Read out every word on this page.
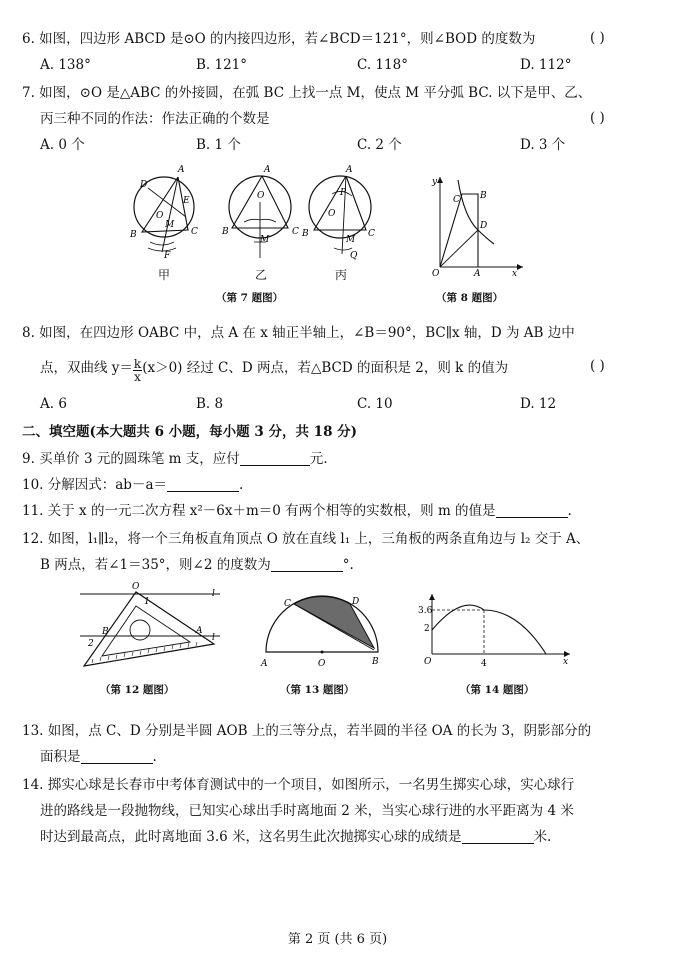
6. 如图，四边形 ABCD 是⊙O 的内接四边形，若∠BCD＝121°，则∠BOD 的度数为	( )
A. 138°	B. 121°	C. 118°	D. 112°
7. 如图，⊙O 是△ABC 的外接圆，在弧 BC 上找一点 M，使点 M 平分弧 BC. 以下是甲、乙、
丙三种不同的作法：作法正确的个数是	( )
A. 0 个	B. 1 个	C. 2 个	D. 3 个
A
B	C
D
E
M
O
F
甲
A
B	C
O
M
乙
A
B	C
P
O
M
Q
丙
（第 7 题图）
y
B
C
D
O	A	x
（第 8 题图）
8. 如图，在四边形 OABC 中，点 A 在 x 轴正半轴上，∠B＝90°，BC∥x 轴，D 为 AB 边中
点，双曲线 $y= \frac{k}{x} (x>0)$ 经过 C、D 两点，若△BCD 的面积是 2，则 k 的值为	( )
A. 6	B. 8	C. 10	D. 12
二、填空题(本大题共 6 小题，每小题 3 分，共 18 分)
9. 买单价 3 元的圆珠笔 m 支，应付	元.
10. 分解因式：ab－a＝	.
11. 关于 x 的一元二次方程 x²－6x＋m＝0 有两个相等的实数根，则 m 的值是	.
12. 如图，l₁∥l₂，将一个三角板直角顶点 O 放在直线 l₁ 上，三角板的两条直角边与 l₂ 交于 A、
B 两点，若∠1＝35°，则∠2 的度数为	°.
O
1
l
l
B
2
A
（第 12 题图）
C	D
A	O	B
（第 13 题图）
x
O
3.6
2
4
（第 14 题图）
13. 如图，点 C、D 分别是半圆 AOB 上的三等分点，若半圆的半径 OA 的长为 3，阴影部分的
面积是	.
14. 掷实心球是长春市中考体育测试中的一个项目，如图所示，一名男生掷实心球，实心球行
进的路线是一段抛物线，已知实心球出手时离地面 2 米，当实心球行进的水平距离为 4 米
时达到最高点，此时离地面 3.6 米，这名男生此次抛掷实心球的成绩是	米.
第 2 页 (共 6 页)
